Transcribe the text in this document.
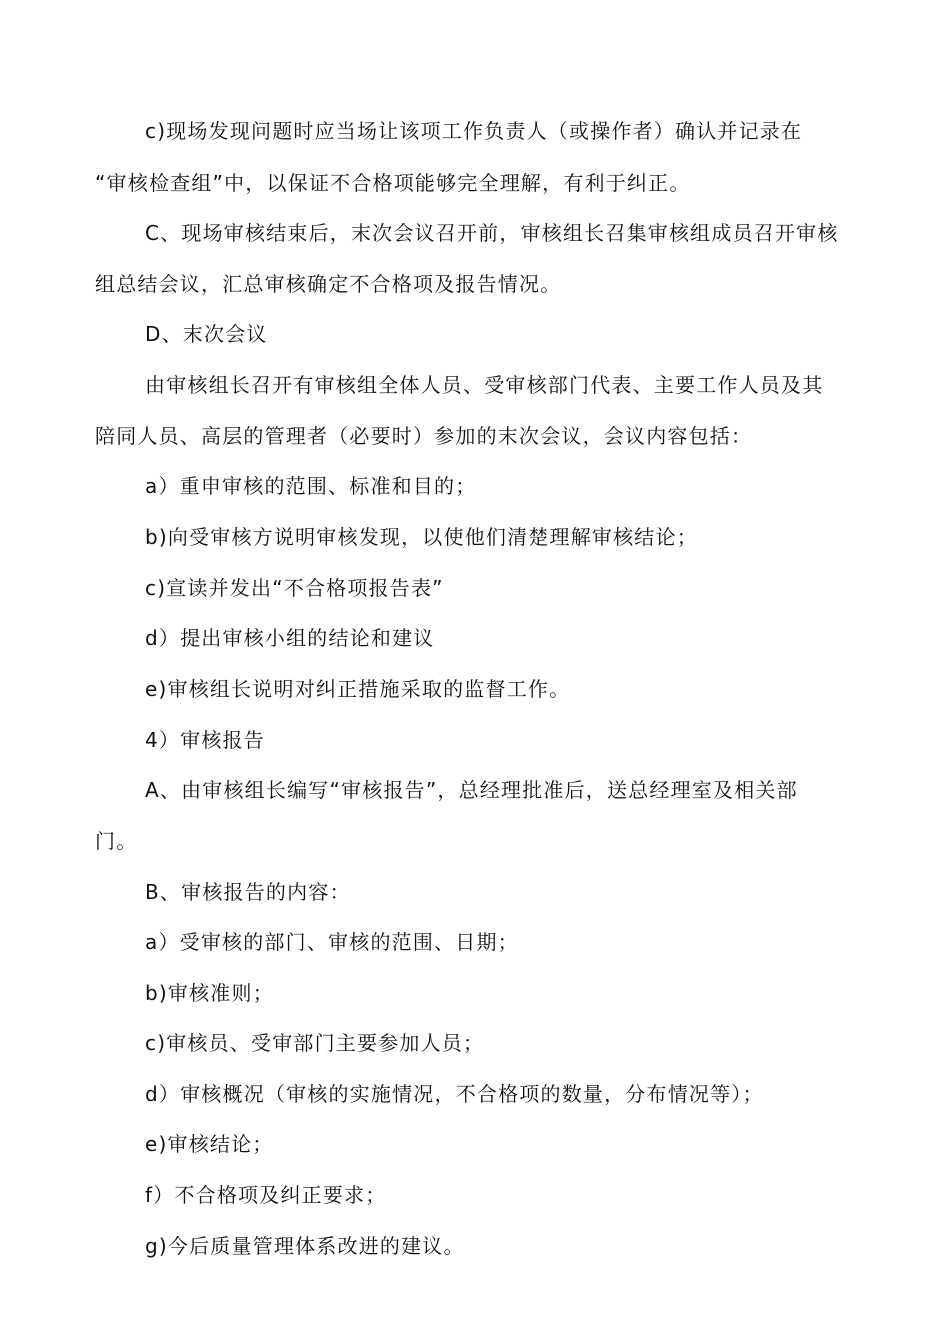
c)现场发现问题时应当场让该项工作负责人（或操作者）确认并记录在

“审核检查组”中，以保证不合格项能够完全理解，有利于纠正。

C、现场审核结束后，末次会议召开前，审核组长召集审核组成员召开审核

组总结会议，汇总审核确定不合格项及报告情况。

D、末次会议

由审核组长召开有审核组全体人员、受审核部门代表、主要工作人员及其

陪同人员、高层的管理者（必要时）参加的末次会议，会议内容包括：

a）重申审核的范围、标准和目的；

b)向受审核方说明审核发现，以使他们清楚理解审核结论；

c)宣读并发出“不合格项报告表”

d）提出审核小组的结论和建议

e)审核组长说明对纠正措施采取的监督工作。

4）审核报告

A、由审核组长编写“审核报告”，总经理批准后，送总经理室及相关部

门。

B、审核报告的内容：

a）受审核的部门、审核的范围、日期；

b)审核准则；

c)审核员、受审部门主要参加人员；

d）审核概况（审核的实施情况，不合格项的数量，分布情况等）；

e)审核结论；

f）不合格项及纠正要求；

g)今后质量管理体系改进的建议。
